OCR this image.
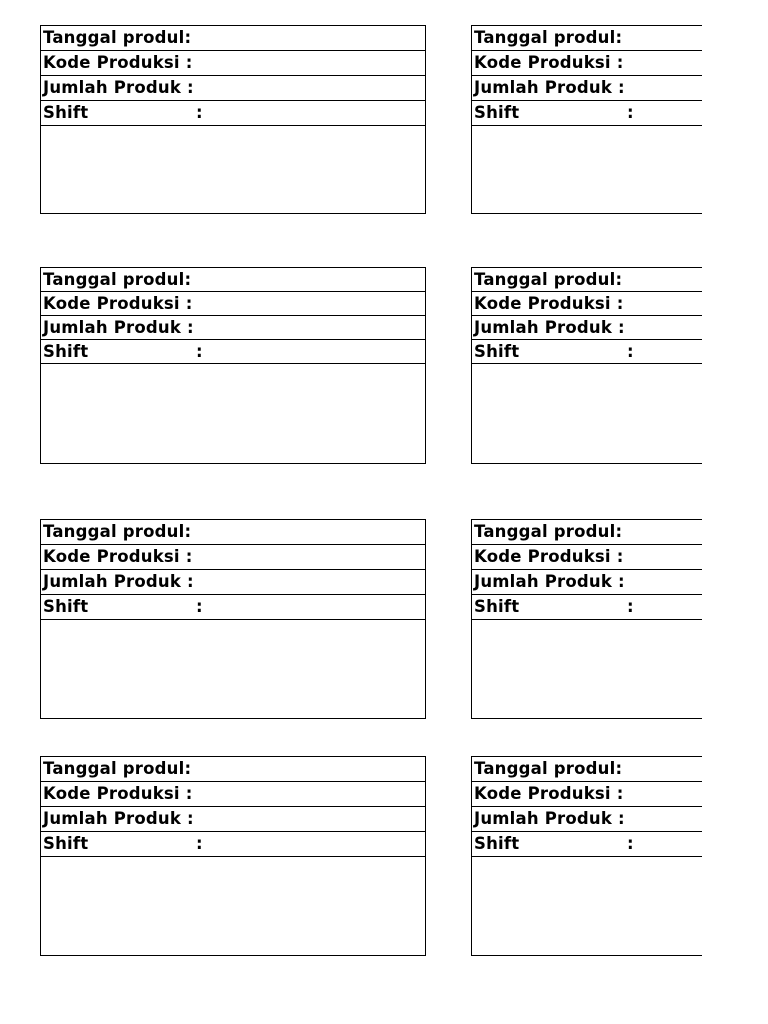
Tanggal produl:
Kode Produksi :
Jumlah Produk :
Shift	:
Tanggal produl:
Kode Produksi :
Jumlah Produk :
Shift	:
Tanggal produl:
Kode Produksi :
Jumlah Produk :
Shift	:
Tanggal produl:
Kode Produksi :
Jumlah Produk :
Shift	:
Tanggal produl:
Kode Produksi :
Jumlah Produk :
Shift	:
Tanggal produl:
Kode Produksi :
Jumlah Produk :
Shift	:
Tanggal produl:
Kode Produksi :
Jumlah Produk :
Shift	:
Tanggal produl:
Kode Produksi :
Jumlah Produk :
Shift	:
